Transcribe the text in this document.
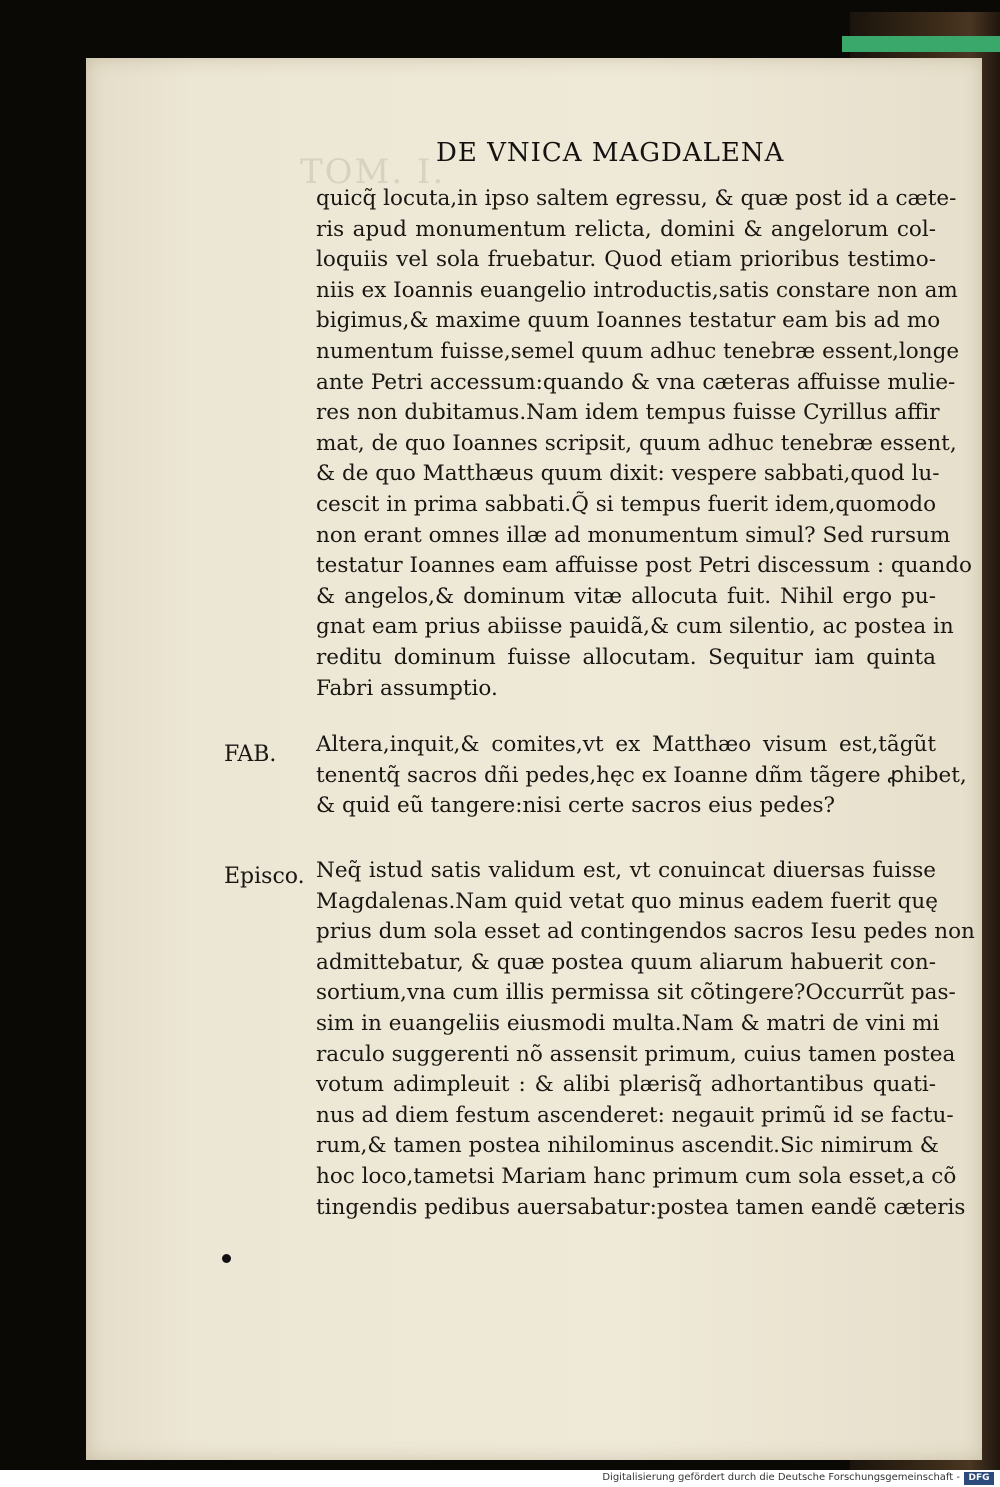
TOM. I.
DE VNICA MAGDALENA
quicq̃ locuta,in ipso saltem egressu, & quæ post id a cæte-
ris apud monumentum relicta, domini & angelorum col-
loquiis vel sola fruebatur. Quod etiam prioribus testimo-
niis ex Ioannis euangelio introductis,satis constare non am
bigimus,& maxime quum Ioannes testatur eam bis ad mo
numentum fuisse,semel quum adhuc tenebræ essent,longe
ante Petri accessum:quando & vna cæteras affuisse mulie-
res non dubitamus.Nam idem tempus fuisse Cyrillus affir
mat, de quo Ioannes scripsit, quum adhuc tenebræ essent,
& de quo Matthæus quum dixit: vespere sabbati,quod lu-
cescit in prima sabbati.Q̃ si tempus fuerit idem,quomodo
non erant omnes illæ ad monumentum simul? Sed rursum
testatur Ioannes eam affuisse post Petri discessum : quando
& angelos,& dominum vitæ allocuta fuit. Nihil ergo pu-
gnat eam prius abiisse pauidã,& cum silentio, ac postea in
reditu dominum fuisse allocutam. Sequitur iam quinta
Fabri assumptio.
FAB. Altera,inquit,& comites,vt ex Matthæo visum est,tãgũt
tenentq̃ sacros dñi pedes,hęc ex Ioanne dñm tãgere ꝓhibet,
& quid eũ tangere:nisi certe sacros eius pedes?
Episco. Neq̃ istud satis validum est, vt conuincat diuersas fuisse
Magdalenas.Nam quid vetat quo minus eadem fuerit quę
prius dum sola esset ad contingendos sacros Iesu pedes non
admittebatur, & quæ postea quum aliarum habuerit con-
sortium,vna cum illis permissa sit cõtingere?Occurrũt pas-
sim in euangeliis eiusmodi multa.Nam & matri de vini mi
raculo suggerenti nõ assensit primum, cuius tamen postea
votum adimpleuit : & alibi plærisq̃ adhortantibus quati-
nus ad diem festum ascenderet: negauit primũ id se factu-
rum,& tamen postea nihilominus ascendit.Sic nimirum &
hoc loco,tametsi Mariam hanc primum cum sola esset,a cõ
tingendis pedibus auersabatur:postea tamen eandẽ cæteris
Digitalisierung gefördert durch die Deutsche Forschungsgemeinschaft - DFG
